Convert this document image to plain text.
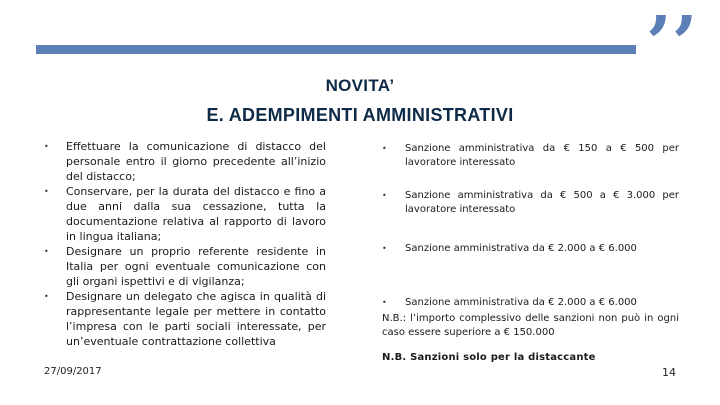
’’
NOVITA’
E. ADEMPIMENTI AMMINISTRATIVI
• Effettuare la comunicazione di distacco del personale entro il giorno precedente all’inizio del distacco;
• Conservare, per la durata del distacco e fino a due anni dalla sua cessazione, tutta la documentazione relativa al rapporto di lavoro in lingua italiana;
• Designare un proprio referente residente in Italia per ogni eventuale comunicazione con gli organi ispettivi e di vigilanza;
• Designare un delegato che agisca in qualità di rappresentante legale per mettere in contatto l’impresa con le parti sociali interessate, per un’eventuale contrattazione collettiva
• Sanzione amministrativa da € 150 a € 500 per lavoratore interessato
• Sanzione amministrativa da € 500 a € 3.000 per lavoratore interessato
• Sanzione amministrativa da € 2.000 a € 6.000
• Sanzione amministrativa da € 2.000 a € 6.000
N.B.: l’importo complessivo delle sanzioni non può in ogni caso essere superiore a € 150.000
N.B. Sanzioni solo per la distaccante
27/09/2017	14
